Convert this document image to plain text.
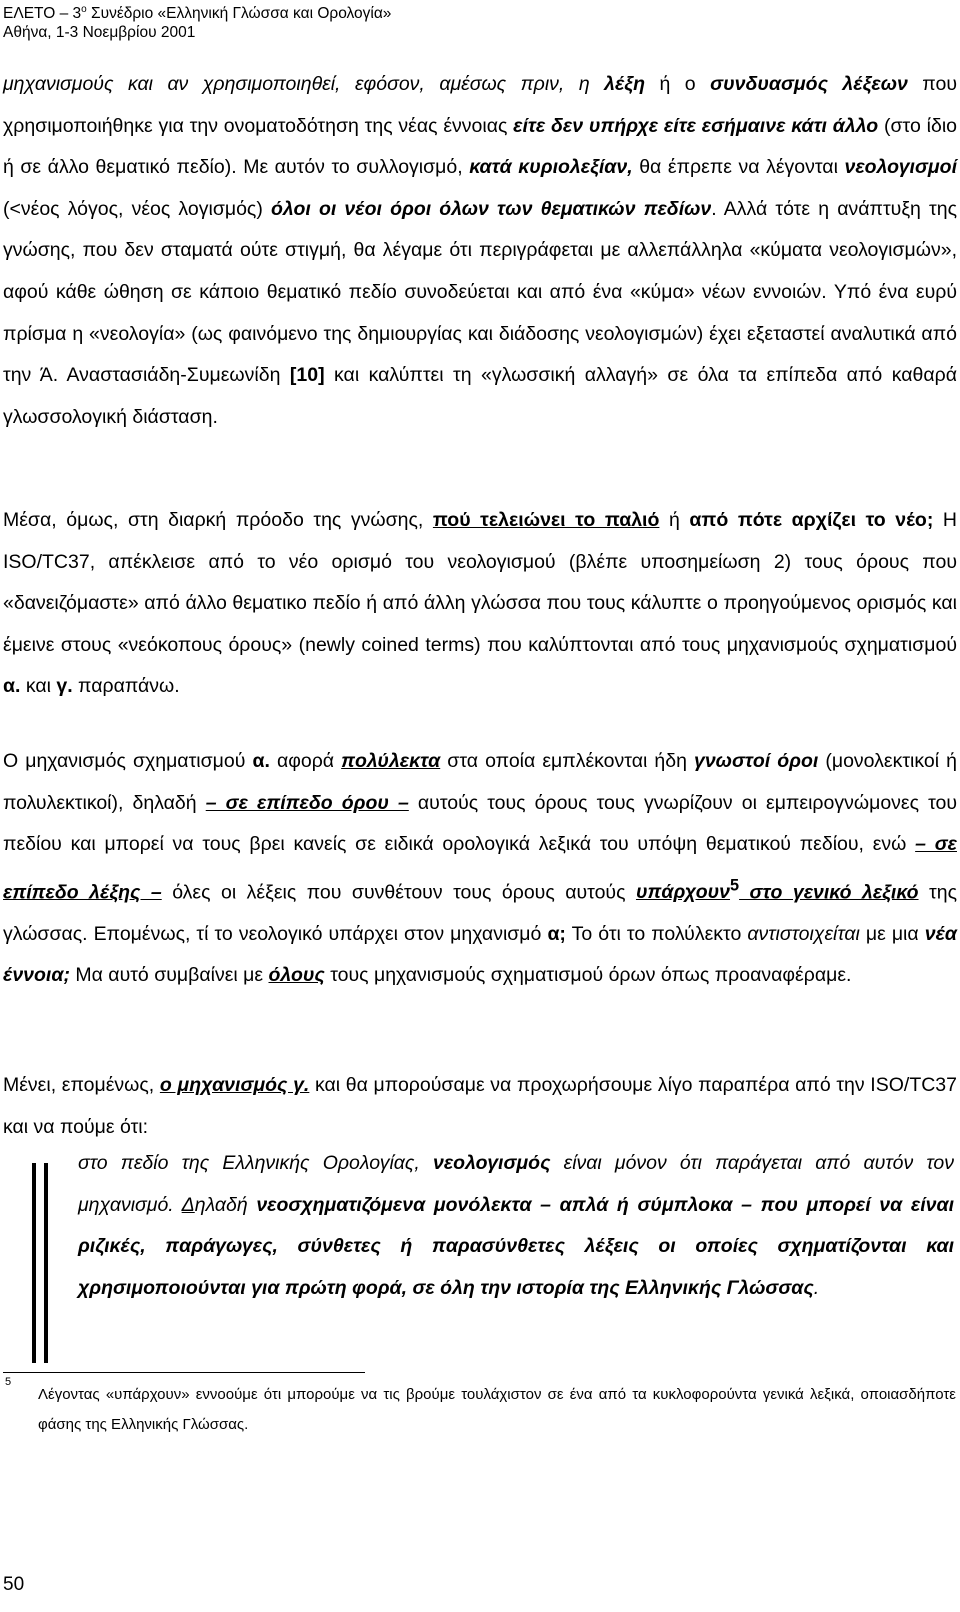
ΕΛΕΤΟ – $3^o$ Συνέδριο «Ελληνική Γλώσσα και Ορολογία»
Αθήνα, 1-3 Νοεμβρίου 2001

μηχανισμούς και αν χρησιμοποιηθεί, εφόσον, αμέσως πριν, η λέξη ή ο συνδυασμός λέξεων που χρησιμοποιήθηκε για την ονοματοδότηση της νέας έννοιας είτε δεν υπήρχε είτε εσήμαινε κάτι άλλο (στο ίδιο ή σε άλλο θεματικό πεδίο). Με αυτόν το συλλογισμό, κατά κυριολεξίαν, θα έπρεπε να λέγονται νεολογισμοί (<νέος λόγος, νέος λογισμός) όλοι οι νέοι όροι όλων των θεματικών πεδίων. Αλλά τότε η ανάπτυξη της γνώσης, που δεν σταματά ούτε στιγμή, θα λέγαμε ότι περιγράφεται με αλλεπάλληλα «κύματα νεολογισμών», αφού κάθε ώθηση σε κάποιο θεματικό πεδίο συνοδεύεται και από ένα «κύμα» νέων εννοιών. Υπό ένα ευρύ πρίσμα η «νεολογία» (ως φαινόμενο της δημιουργίας και διάδοσης νεολογισμών) έχει εξεταστεί αναλυτικά από την Ά. Αναστασιάδη-Συμεωνίδη [10] και καλύπτει τη «γλωσσική αλλαγή» σε όλα τα επίπεδα από καθαρά γλωσσολογική διάσταση.

Μέσα, όμως, στη διαρκή πρόοδο της γνώσης, πού τελειώνει το παλιό ή από πότε αρχίζει το νέο; Η ISO/TC37, απέκλεισε από το νέο ορισμό του νεολογισμού (βλέπε υποσημείωση 2) τους όρους που «δανειζόμαστε» από άλλο θεματικο πεδίο ή από άλλη γλώσσα που τους κάλυπτε ο προηγούμενος ορισμός και έμεινε στους «νεόκοπους όρους» (newly coined terms) που καλύπτονται από τους μηχανισμούς σχηματισμού α. και γ. παραπάνω.

Ο μηχανισμός σχηματισμού α. αφορά πολύλεκτα στα οποία εμπλέκονται ήδη γνωστοί όροι (μονολεκτικοί ή πολυλεκτικοί), δηλαδή – σε επίπεδο όρου – αυτούς τους όρους τους γνωρίζουν οι εμπειρογνώμονες του πεδίου και μπορεί να τους βρει κανείς σε ειδικά ορολογικά λεξικά του υπόψη θεματικού πεδίου, ενώ – σε επίπεδο λέξης – όλες οι λέξεις που συνθέτουν τους όρους αυτούς υπάρχουν$^5$ στο γενικό λεξικό της γλώσσας. Επομένως, τί το νεολογικό υπάρχει στον μηχανισμό α; Το ότι το πολύλεκτο αντιστοιχείται με μια νέα έννοια; Μα αυτό συμβαίνει με όλους τους μηχανισμούς σχηματισμού όρων όπως προαναφέραμε.

Μένει, επομένως, ο μηχανισμός γ. και θα μπορούσαμε να προχωρήσουμε λίγο παραπέρα από την ISO/TC37 και να πούμε ότι:

στο πεδίο της Ελληνικής Ορολογίας, νεολογισμός είναι μόνον ότι παράγεται από αυτόν τον μηχανισμό. Δηλαδή νεοσχηματιζόμενα μονόλεκτα – απλά ή σύμπλοκα – που μπορεί να είναι ριζικές, παράγωγες, σύνθετες ή παρασύνθετες λέξεις οι οποίες σχηματίζονται και χρησιμοποιούνται για πρώτη φορά, σε όλη την ιστορία της Ελληνικής Γλώσσας.

5

Λέγοντας «υπάρχουν» εννοούμε ότι μπορούμε να τις βρούμε τουλάχιστον σε ένα από τα κυκλοφορούντα γενικά λεξικά, οποιασδήποτε φάσης της Ελληνικής Γλώσσας.

50
